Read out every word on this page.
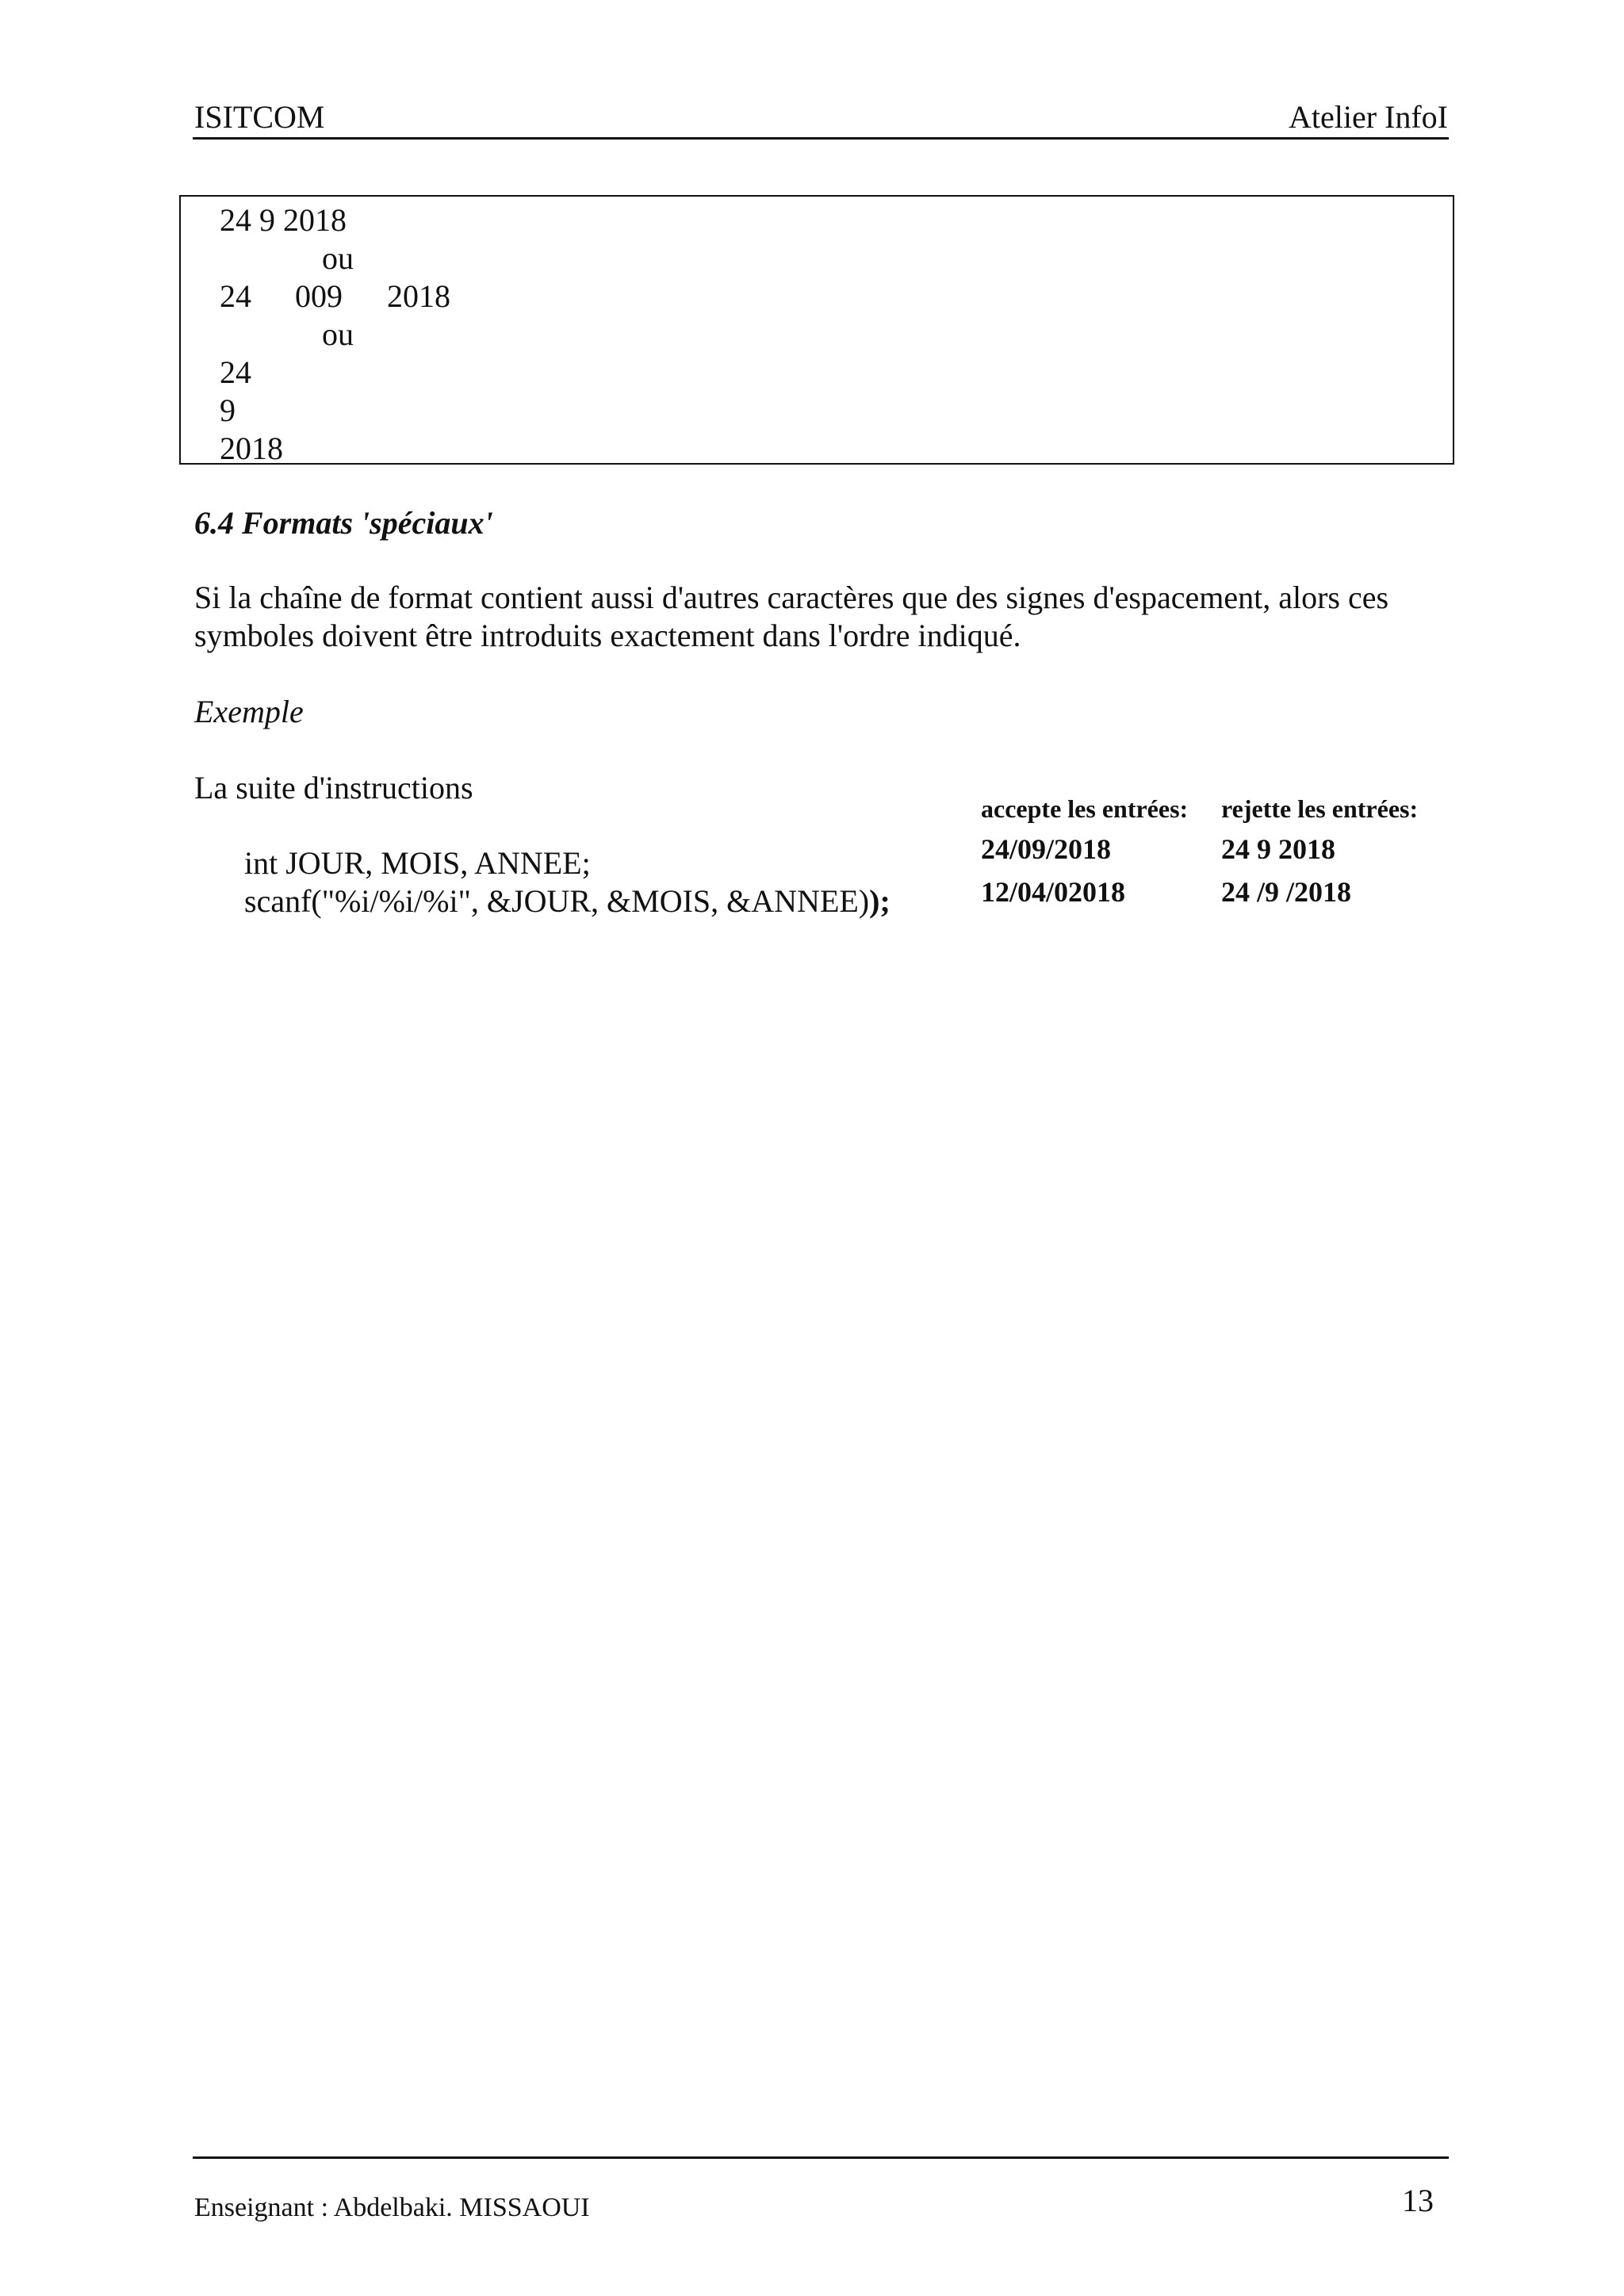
ISITCOM	Atelier InfoI
24 9 2018
ou
24 009 2018
ou
24
9
2018
6.4 Formats 'spéciaux'
Si la chaîne de format contient aussi d'autres caractères que des signes d'espacement, alors ces symboles doivent être introduits exactement dans l'ordre indiqué.
Exemple
La suite d'instructions
int JOUR, MOIS, ANNEE;
scanf("%i/%i/%i", &JOUR, &MOIS, &ANNEE));
accepte les entrées: rejette les entrées:
24/09/2018	24 9 2018
12/04/02018	24 /9 /2018
Enseignant : Abdelbaki. MISSAOUI	13
